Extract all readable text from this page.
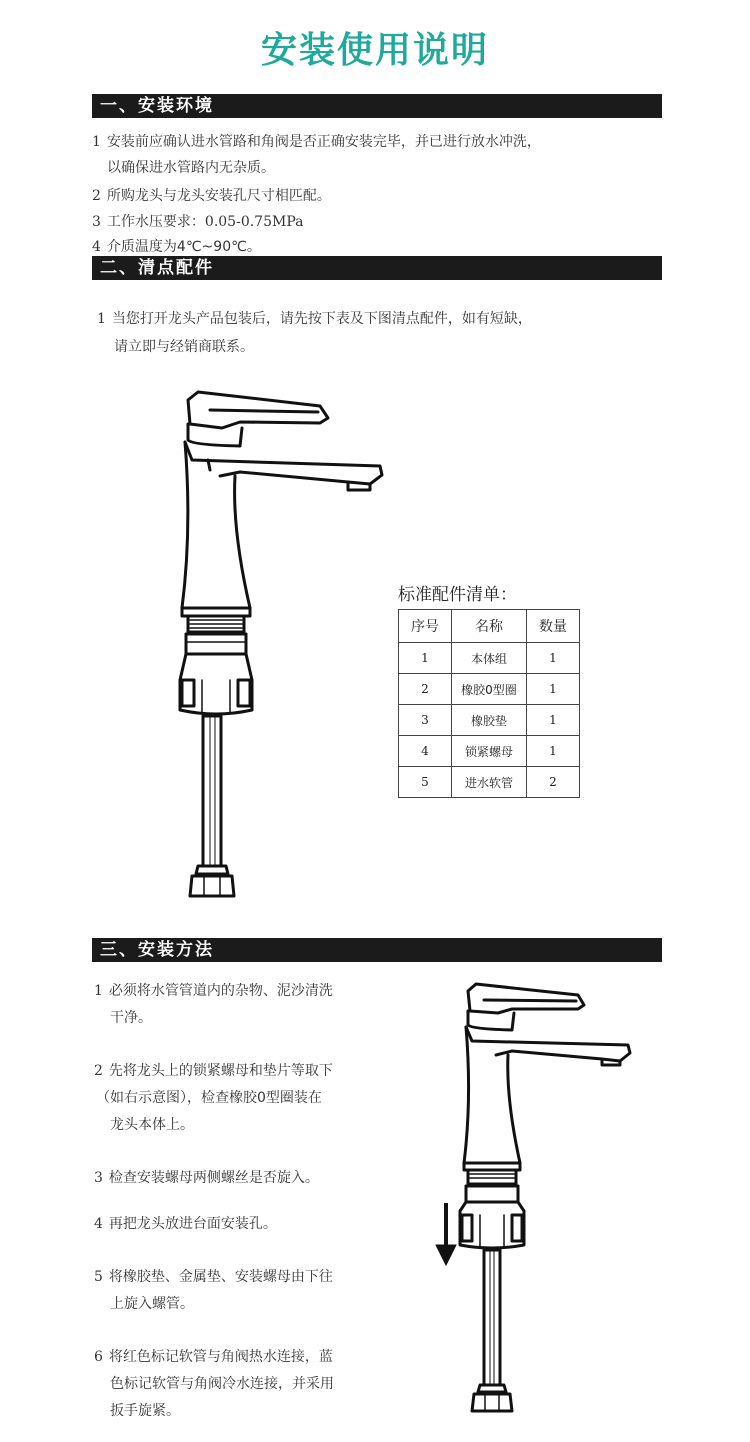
安装使用说明
一、安装环境
1 安装前应确认进水管路和角阀是否正确安装完毕，并已进行放水冲洗，
以确保进水管路内无杂质。
2 所购龙头与龙头安装孔尺寸相匹配。
3 工作水压要求：0.05-0.75MPa
4 介质温度为4℃~90℃。
二、清点配件
1 当您打开龙头产品包装后，请先按下表及下图清点配件，如有短缺，
请立即与经销商联系。
标准配件清单：
序号	名称	数量
1	本体组	1
2	橡胶0型圈	1
3	橡胶垫	1
4	锁紧螺母	1
5	进水软管	2
三、安装方法
1 必须将水管管道内的杂物、泥沙清洗
干净。
2 先将龙头上的锁紧螺母和垫片等取下
（如右示意图），检查橡胶0型圈装在
龙头本体上。
3 检查安装螺母两侧螺丝是否旋入。
4 再把龙头放进台面安装孔。
5 将橡胶垫、金属垫、安装螺母由下往
上旋入螺管。
6 将红色标记软管与角阀热水连接，蓝
色标记软管与角阀冷水连接，并采用
扳手旋紧。
